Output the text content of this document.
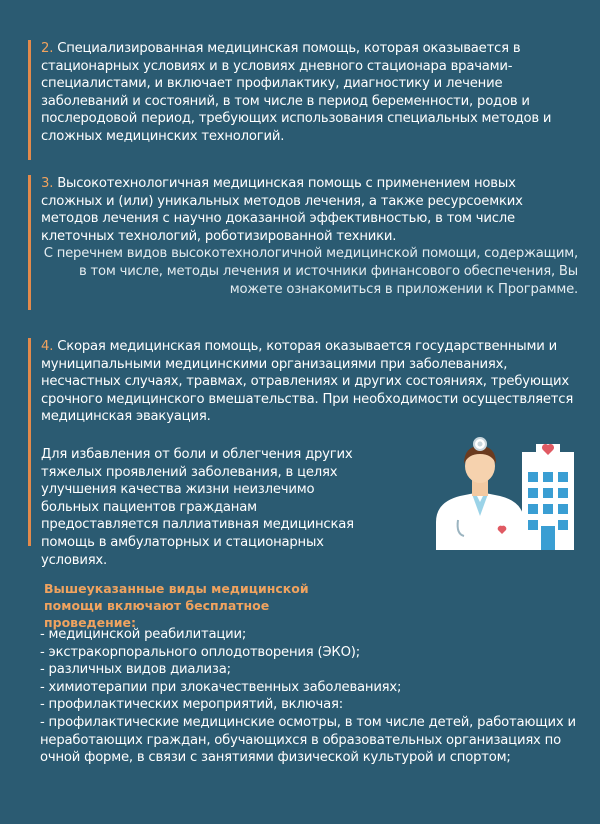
2. Специализированная медицинская помощь, которая оказывается в стационарных условиях и в условиях дневного стационара врачами-специалистами, и включает профилактику, диагностику и лечение заболеваний и состояний, в том числе в период беременности, родов и послеродовой период, требующих использования специальных методов и сложных медицинских технологий.

3. Высокотехнологичная медицинская помощь с применением новых сложных и (или) уникальных методов лечения, а также ресурсоемких методов лечения с научно доказанной эффективностью, в том числе клеточных технологий, роботизированной техники.

С перечнем видов высокотехнологичной медицинской помощи, содержащим, в том числе, методы лечения и источники финансового обеспечения, Вы можете ознакомиться в приложении к Программе.

4. Скорая медицинская помощь, которая оказывается государственными и муниципальными медицинскими организациями при заболеваниях, несчастных случаях, травмах, отравлениях и других состояниях, требующих срочного медицинского вмешательства. При необходимости осуществляется медицинская эвакуация.

Для избавления от боли и облегчения других тяжелых проявлений заболевания, в целях улучшения качества жизни неизлечимо больных пациентов гражданам предоставляется паллиативная медицинская помощь в амбулаторных и стационарных условиях.

Вышеуказанные виды медицинской помощи включают бесплатное проведение:

- медицинской реабилитации;
- экстракорпорального оплодотворения (ЭКО);
- различных видов диализа;
- химиотерапии при злокачественных заболеваниях;
- профилактических мероприятий, включая:
- профилактические медицинские осмотры, в том числе детей, работающих и неработающих граждан, обучающихся в образовательных организациях по очной форме, в связи с занятиями физической культурой и спортом;
